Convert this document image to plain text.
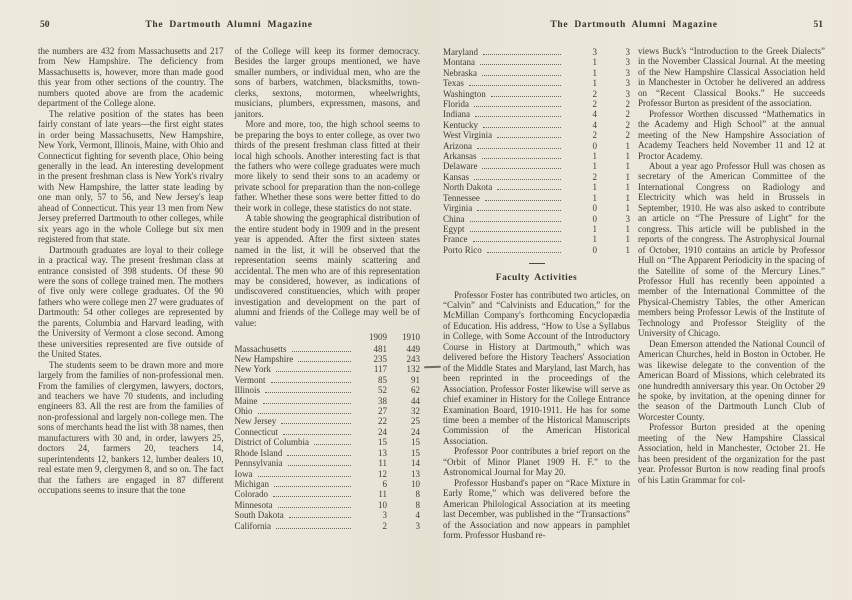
50	The Dartmouth Alumni Magazine

the numbers are 432 from Massachusetts and 217 from New Hampshire. The deficiency from Massachusetts is, however, more than made good this year from other sections of the country. The numbers quoted above are from the academic department of the College alone.

The relative position of the states has been fairly constant of late years—the first eight states in order being Massachusetts, New Hampshire, New York, Vermont, Illinois, Maine, with Ohio and Connecticut fighting for seventh place, Ohio being generally in the lead. An interesting development in the present freshman class is New York's rivalry with New Hampshire, the latter state leading by one man only, 57 to 56, and New Jersey's leap ahead of Connecticut. This year 13 men from New Jersey preferred Dartmouth to other colleges, while six years ago in the whole College but six men registered from that state.

Dartmouth graduates are loyal to their college in a practical way. The present freshman class at entrance consisted of 398 students. Of these 90 were the sons of college trained men. The mothers of five only were college graduates. Of the 90 fathers who were college men 27 were graduates of Dartmouth: 54 other colleges are represented by the parents, Columbia and Harvard leading, with the University of Vermont a close second. Among these universities represented are five outside of the United States.

The students seem to be drawn more and more largely from the families of non-professional men. From the families of clergymen, lawyers, doctors, and teachers we have 70 students, and including engineers 83. All the rest are from the families of non-professional and largely non-college men. The sons of merchants head the list with 38 names, then manufacturers with 30 and, in order, lawyers 25, doctors 24, farmers 20, teachers 14, superintendents 12, bankers 12, lumber dealers 10, real estate men 9, clergymen 8, and so on. The fact that the fathers are engaged in 87 different occupations seems to insure that the tone

of the College will keep its former democracy. Besides the larger groups mentioned, we have smaller numbers, or individual men, who are the sons of barbers, watchmen, blacksmiths, town-clerks, sextons, motormen, wheelwrights, musicians, plumbers, expressmen, masons, and janitors.

More and more, too, the high school seems to be preparing the boys to enter college, as over two thirds of the present freshman class fitted at their local high schools. Another interesting fact is that the fathers who were college graduates were much more likely to send their sons to an academy or private school for preparation than the non-college father. Whether these sons were better fitted to do their work in college, these statistics do not state.

A table showing the geographical distribution of the entire student body in 1909 and in the present year is appended. After the first sixteen states named in the list, it will be observed that the representation seems mainly scattering and accidental. The men who are of this representation may be considered, however, as indications of undiscovered constituencies, which with proper investigation and development on the part of alumni and friends of the College may well be of value:

1909	1910
Massachusetts	481	449
New Hampshire	235	243
New York	117	132
Vermont	85	91
Illinois	52	62
Maine	38	44
Ohio	27	32
New Jersey	22	25
Connecticut	24	24
District of Columbia	15	15
Rhode Island	13	15
Pennsylvania	11	14
Iowa	12	13
Michigan	6	10
Colorado	11	8
Minnesota	10	8
South Dakota	3	4
California	2	3
The Dartmouth Alumni Magazine	51
Maryland	3	3
Montana	1	3
Nebraska	1	3
Texas	1	3
Washington	2	3
Florida	2	2
Indiana	4	2
Kentucky	4	2
West Virginia	2	2
Arizona	0	1
Arkansas	1	1
Delaware	1	1
Kansas	2	1
North Dakota	1	1
Tennessee	1	1
Virginia	0	1
China	0	3
Egypt	1	1
France	1	1
Porto Rico	0	1
Faculty Activities

Professor Foster has contributed two articles, on “Calvin” and “Calvinists and Education,” for the McMillan Company's forthcoming Encyclopædia of Education. His address, “How to Use a Syllabus in College, with Some Account of the Introductory Course in History at Dartmouth,” which was delivered before the History Teachers' Association of the Middle States and Maryland, last March, has been reprinted in the proceedings of the Association. Professor Foster likewise will serve as chief examiner in History for the College Entrance Examination Board, 1910-1911. He has for some time been a member of the Historical Manuscripts Commission of the American Historical Association.

Professor Poor contributes a brief report on the “Orbit of Minor Planet 1909 H. F.” to the Astronomical Journal for May 20.

Professor Husband's paper on “Race Mixture in Early Rome,” which was delivered before the American Philological Association at its meeting last December, was published in the “Transactions” of the Association and now appears in pamphlet form. Professor Husband re-

views Buck's “Introduction to the Greek Dialects” in the November Classical Journal. At the meeting of the New Hampshire Classical Association held in Manchester in October he delivered an address on “Recent Classical Books.” He succeeds Professor Burton as president of the association.

Professor Worthen discussed “Mathematics in the Academy and High School” at the annual meeting of the New Hampshire Association of Academy Teachers held November 11 and 12 at Proctor Academy.

About a year ago Professor Hull was chosen as secretary of the American Committee of the International Congress on Radiology and Electricity which was held in Brussels in September, 1910. He was also asked to contribute an article on “The Pressure of Light” for the congress. This article will be published in the reports of the congress. The Astrophysical Journal of October, 1910 contains an article by Professor Hull on “The Apparent Periodicity in the spacing of the Satellite of some of the Mercury Lines.” Professor Hull has recently been appointed a member of the International Committee of the Physical-Chemistry Tables, the other American members being Professor Lewis of the Institute of Technology and Professor Steiglity of the University of Chicago.

Dean Emerson attended the National Council of American Churches, held in Boston in October. He was likewise delegate to the convention of the American Board of Missions, which celebrated its one hundredth anniversary this year. On October 29 he spoke, by invitation, at the opening dinner for the season of the Dartmouth Lunch Club of Worcester County.

Professor Burton presided at the opening meeting of the New Hampshire Classical Association, held in Manchester, October 21. He has been president of the organization for the past year. Professor Burton is now reading final proofs of his Latin Grammar for col-
